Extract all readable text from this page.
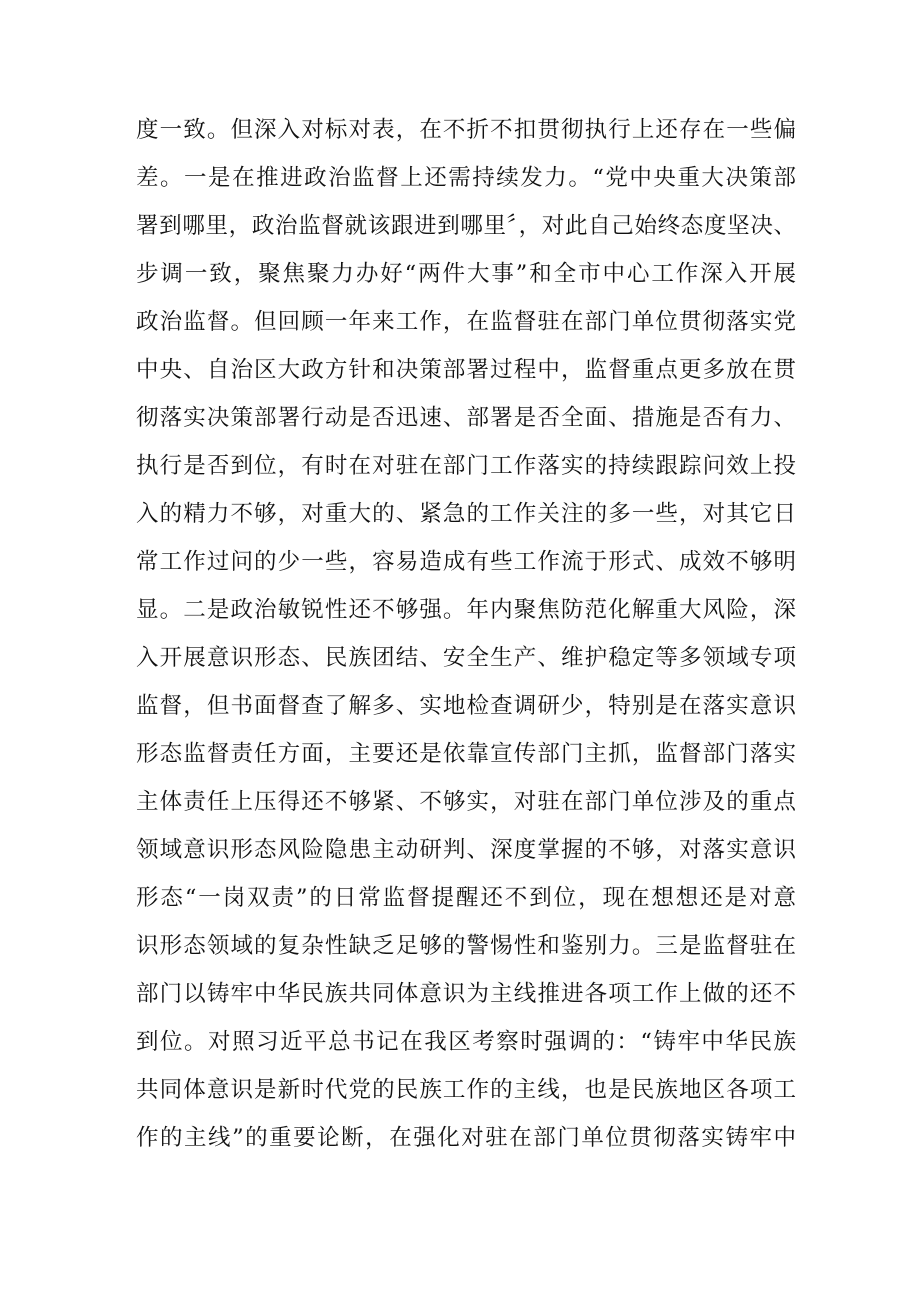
度一致。但深入对标对表，在不折不扣贯彻执行上还存在一些偏
差。一是在推进政治监督上还需持续发力。“党中央重大决策部
署到哪里，政治监督就该跟进到哪里〞，对此自己始终态度坚决、
步调一致，聚焦聚力办好“两件大事”和全市中心工作深入开展
政治监督。但回顾一年来工作，在监督驻在部门单位贯彻落实党
中央、自治区大政方针和决策部署过程中，监督重点更多放在贯
彻落实决策部署行动是否迅速、部署是否全面、措施是否有力、
执行是否到位，有时在对驻在部门工作落实的持续跟踪问效上投
入的精力不够，对重大的、紧急的工作关注的多一些，对其它日
常工作过问的少一些，容易造成有些工作流于形式、成效不够明
显。二是政治敏锐性还不够强。年内聚焦防范化解重大风险，深
入开展意识形态、民族团结、安全生产、维护稳定等多领域专项
监督，但书面督查了解多、实地检查调研少，特别是在落实意识
形态监督责任方面，主要还是依靠宣传部门主抓，监督部门落实
主体责任上压得还不够紧、不够实，对驻在部门单位涉及的重点
领域意识形态风险隐患主动研判、深度掌握的不够，对落实意识
形态“一岗双责”的日常监督提醒还不到位，现在想想还是对意
识形态领域的复杂性缺乏足够的警惕性和鉴别力。三是监督驻在
部门以铸牢中华民族共同体意识为主线推进各项工作上做的还不
到位。对照习近平总书记在我区考察时强调的：“铸牢中华民族
共同体意识是新时代党的民族工作的主线，也是民族地区各项工
作的主线”的重要论断，在强化对驻在部门单位贯彻落实铸牢中
